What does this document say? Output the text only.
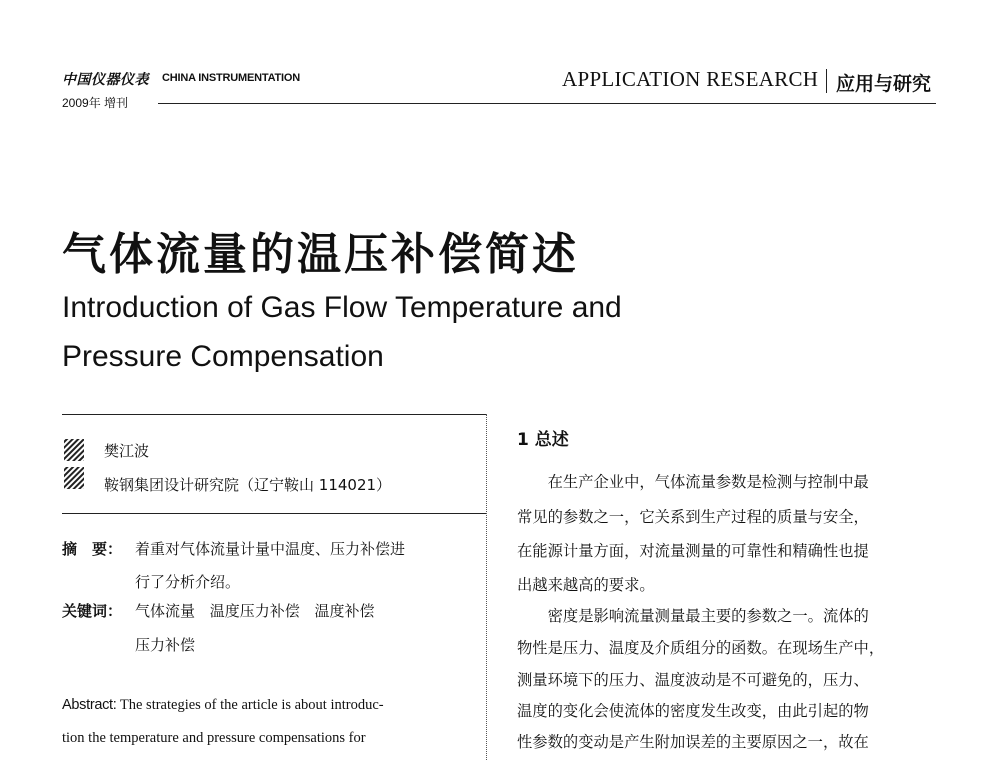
中国仪器仪表 CHINA INSTRUMENTATION
2009年 增刊
APPLICATION RESEARCH 应用与研究
气体流量的温压补偿简述
Introduction of Gas Flow Temperature and
Pressure Compensation
樊江波
鞍钢集团设计研究院（辽宁鞍山 114021）
摘　要： 着重对气体流量计量中温度、压力补偿进
行了分析介绍。
关键词： 气体流量 温度压力补偿 温度补偿
压力补偿
Abstract: The strategies of the article is about introduc-
tion the temperature and pressure compensations for
1 总述
　　在生产企业中，气体流量参数是检测与控制中最
常见的参数之一，它关系到生产过程的质量与安全，
在能源计量方面，对流量测量的可靠性和精确性也提
出越来越高的要求。
　　密度是影响流量测量最主要的参数之一。流体的
物性是压力、温度及介质组分的函数。在现场生产中，
测量环境下的压力、温度波动是不可避免的，压力、
温度的变化会使流体的密度发生改变，由此引起的物
性参数的变动是产生附加误差的主要原因之一，故在
